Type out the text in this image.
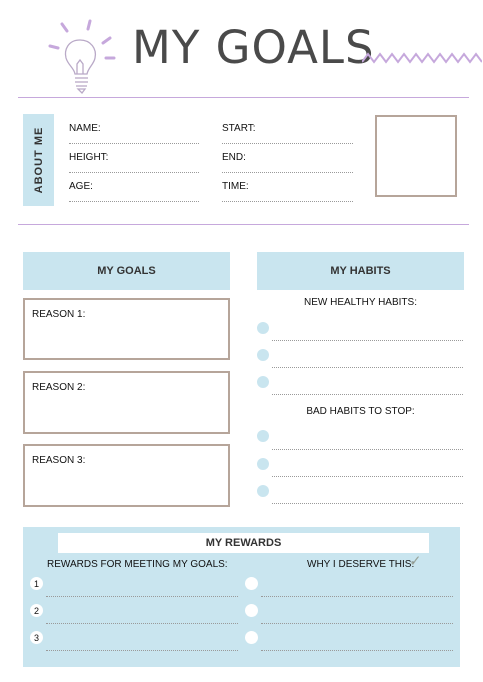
MY GOALS
ABOUT ME NAME:
HEIGHT:
AGE:
START:
END:
TIME:
MY GOALS
REASON 1:
REASON 2:
REASON 3:
MY HABITS
NEW HEALTHY HABITS:
BAD HABITS TO STOP:
MY REWARDS
REWARDS FOR MEETING MY GOALS:	WHY I DESERVE THIS:
✓
1
2
3
